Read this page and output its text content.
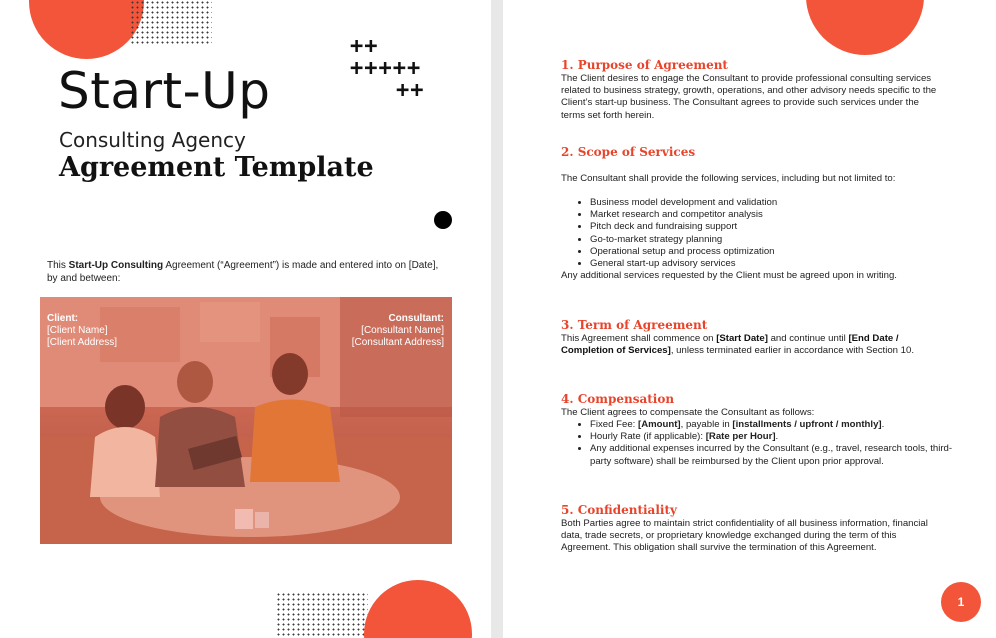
Start-Up
Consulting Agency
Agreement Template
++
+++++
++
This Start-Up Consulting Agreement (“Agreement”) is made and entered into on [Date], by and between:
Client:
[Client Name]
[Client Address]
Consultant:
[Consultant Name]
[Consultant Address]
1. Purpose of Agreement
The Client desires to engage the Consultant to provide professional consulting services related to business strategy, growth, operations, and other advisory needs specific to the Client’s start-up business. The Consultant agrees to provide such services under the terms set forth herein.
2. Scope of Services
The Consultant shall provide the following services, including but not limited to:
• Business model development and validation
• Market research and competitor analysis
• Pitch deck and fundraising support
• Go-to-market strategy planning
• Operational setup and process optimization
• General start-up advisory services
Any additional services requested by the Client must be agreed upon in writing.
3. Term of Agreement
This Agreement shall commence on [Start Date] and continue until [End Date / Completion of Services], unless terminated earlier in accordance with Section 10.
4. Compensation
The Client agrees to compensate the Consultant as follows:
• Fixed Fee: [Amount], payable in [installments / upfront / monthly].
• Hourly Rate (if applicable): [Rate per Hour].
• Any additional expenses incurred by the Consultant (e.g., travel, research tools, third-party software) shall be reimbursed by the Client upon prior approval.
5. Confidentiality
Both Parties agree to maintain strict confidentiality of all business information, financial data, trade secrets, or proprietary knowledge exchanged during the term of this Agreement. This obligation shall survive the termination of this Agreement.
1
